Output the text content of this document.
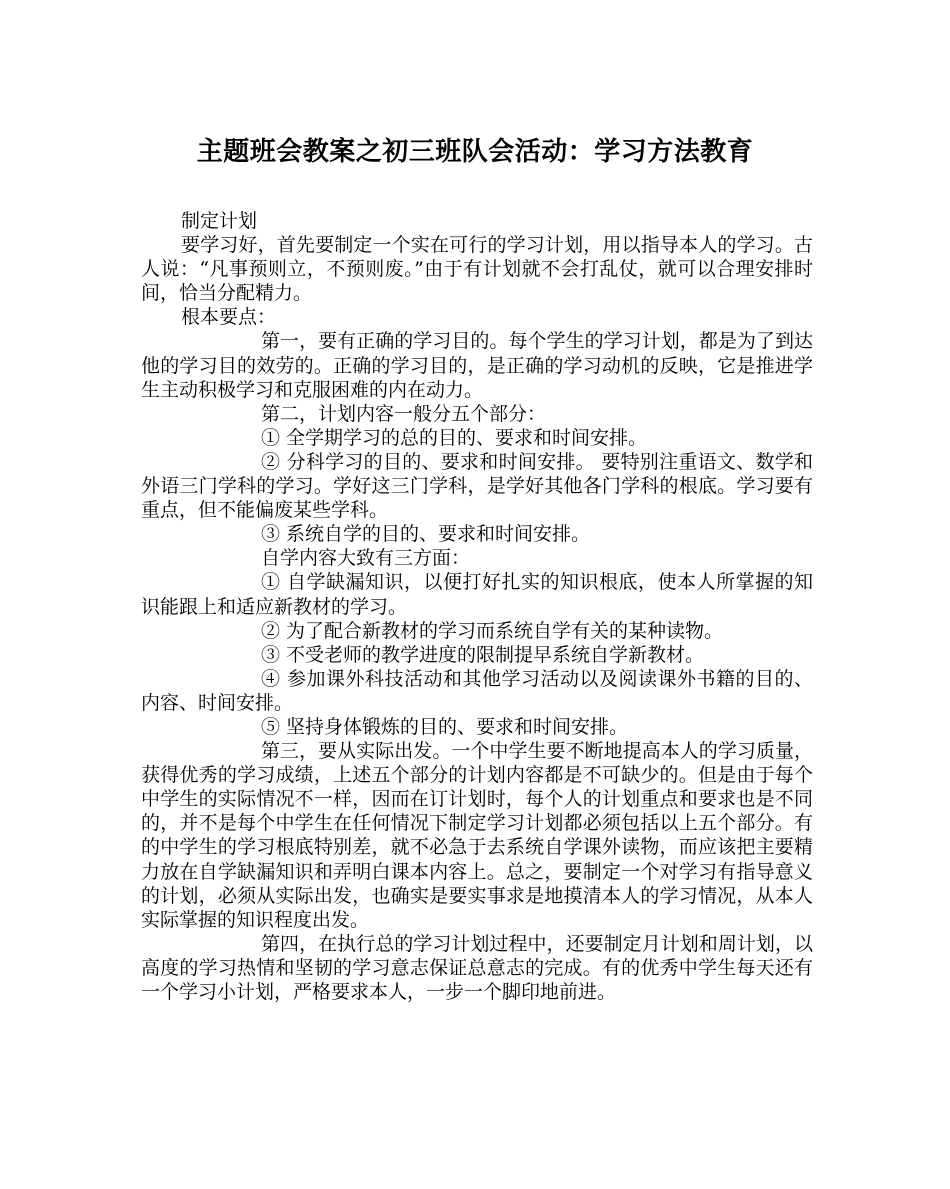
主题班会教案之初三班队会活动：学习方法教育

制定计划

要学习好，首先要制定一个实在可行的学习计划，用以指导本人的学习。古人说：“凡事预则立，不预则废。”由于有计划就不会打乱仗，就可以合理安排时间，恰当分配精力。

根本要点：

第一，要有正确的学习目的。每个学生的学习计划，都是为了到达他的学习目的效劳的。正确的学习目的，是正确的学习动机的反映，它是推进学生主动积极学习和克服困难的内在动力。

第二，计划内容一般分五个部分：

① 全学期学习的总的目的、要求和时间安排。

② 分科学习的目的、要求和时间安排。 要特别注重语文、数学和外语三门学科的学习。学好这三门学科，是学好其他各门学科的根底。学习要有重点，但不能偏废某些学科。

③ 系统自学的目的、要求和时间安排。

自学内容大致有三方面：

① 自学缺漏知识，以便打好扎实的知识根底，使本人所掌握的知识能跟上和适应新教材的学习。

② 为了配合新教材的学习而系统自学有关的某种读物。

③ 不受老师的教学进度的限制提早系统自学新教材。

④ 参加课外科技活动和其他学习活动以及阅读课外书籍的目的、内容、时间安排。

⑤ 坚持身体锻炼的目的、要求和时间安排。

第三，要从实际出发。一个中学生要不断地提高本人的学习质量，获得优秀的学习成绩，上述五个部分的计划内容都是不可缺少的。但是由于每个中学生的实际情况不一样，因而在订计划时，每个人的计划重点和要求也是不同的，并不是每个中学生在任何情况下制定学习计划都必须包括以上五个部分。有的中学生的学习根底特别差，就不必急于去系统自学课外读物，而应该把主要精力放在自学缺漏知识和弄明白课本内容上。总之，要制定一个对学习有指导意义的计划，必须从实际出发，也确实是要实事求是地摸清本人的学习情况，从本人实际掌握的知识程度出发。

第四，在执行总的学习计划过程中，还要制定月计划和周计划，以高度的学习热情和坚韧的学习意志保证总意志的完成。有的优秀中学生每天还有一个学习小计划，严格要求本人，一步一个脚印地前进。
